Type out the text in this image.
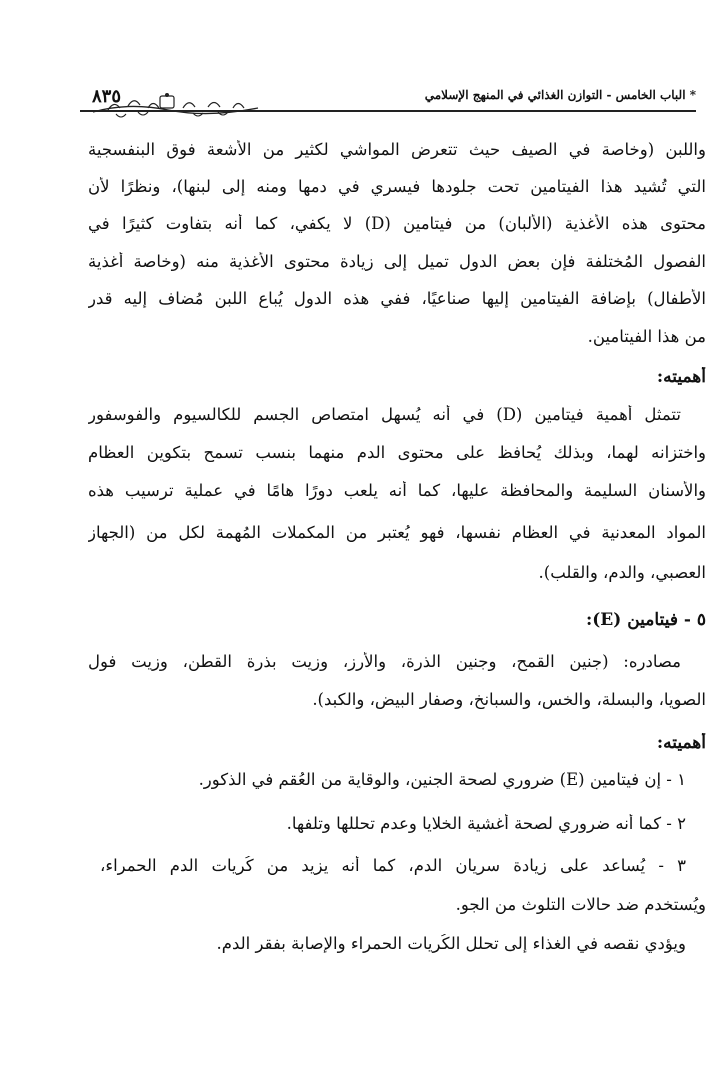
* الباب الخامس - التوازن الغذائي في المنهج الإسلامي
٨٣٥
واللبن (وخاصة في الصيف حيث تتعرض المواشي لكثير من الأشعة فوق البنفسجية
التي تُشيد هذا الفيتامين تحت جلودها فيسري في دمها ومنه إلى لبنها)، ونظرًا لأن
محتوى هذه الأغذية (الألبان) من فيتامين (D) لا يكفي، كما أنه بتفاوت كثيرًا في
الفصول المُختلفة فإن بعض الدول تميل إلى زيادة محتوى الأغذية منه (وخاصة أغذية
الأطفال) بإضافة الفيتامين إليها صناعيًا، ففي هذه الدول يُباع اللبن مُضاف إليه قدر
من هذا الفيتامين.
أهميته:
تتمثل أهمية فيتامين (D) في أنه يُسهل امتصاص الجسم للكالسيوم والفوسفور
واختزانه لهما، وبذلك يُحافظ على محتوى الدم منهما بنسب تسمح بتكوين العظام
والأسنان السليمة والمحافظة عليها، كما أنه يلعب دورًا هامًا في عملية ترسيب هذه
المواد المعدنية في العظام نفسها، فهو يُعتبر من المكملات المُهمة لكل من (الجهاز
العصبي، والدم، والقلب).
٥ - فيتامين (E):
مصادره: (جنين القمح، وجنين الذرة، والأرز، وزيت بذرة القطن، وزيت فول
الصويا، والبسلة، والخس، والسبانخ، وصفار البيض، والكبد).
أهميته:
١ - إن فيتامين (E) ضروري لصحة الجنين، والوقاية من العُقم في الذكور.
٢ - كما أنه ضروري لصحة أغشية الخلايا وعدم تحللها وتلفها.
٣ - يُساعد على زيادة سريان الدم، كما أنه يزيد من كُريات الدم الحمراء،
ويُستخدم ضد حالات التلوث من الجو.
ويؤدي نقصه في الغذاء إلى تحلل الكُريات الحمراء والإصابة بفقر الدم.
